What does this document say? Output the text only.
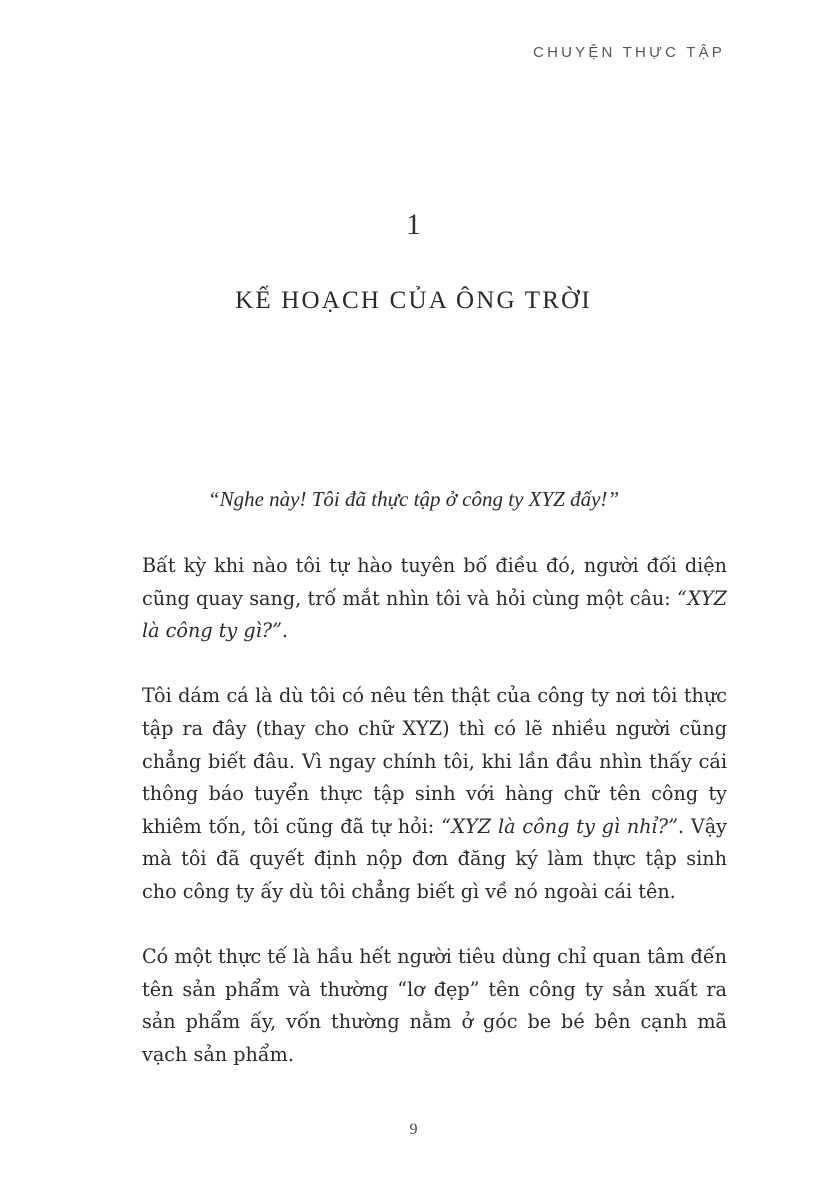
CHUYỆN THỰC TẬP
1
KẾ HOẠCH CỦA ÔNG TRỜI
“Nghe này! Tôi đã thực tập ở công ty XYZ đấy!”

Bất kỳ khi nào tôi tự hào tuyên bố điều đó, người đối diện cũng quay sang, trố mắt nhìn tôi và hỏi cùng một câu: “XYZ là công ty gì?”.

Tôi dám cá là dù tôi có nêu tên thật của công ty nơi tôi thực tập ra đây (thay cho chữ XYZ) thì có lẽ nhiều người cũng chẳng biết đâu. Vì ngay chính tôi, khi lần đầu nhìn thấy cái thông báo tuyển thực tập sinh với hàng chữ tên công ty khiêm tốn, tôi cũng đã tự hỏi: “XYZ là công ty gì nhỉ?”. Vậy mà tôi đã quyết định nộp đơn đăng ký làm thực tập sinh cho công ty ấy dù tôi chẳng biết gì về nó ngoài cái tên.

Có một thực tế là hầu hết người tiêu dùng chỉ quan tâm đến tên sản phẩm và thường “lơ đẹp” tên công ty sản xuất ra sản phẩm ấy, vốn thường nằm ở góc be bé bên cạnh mã vạch sản phẩm.

9
